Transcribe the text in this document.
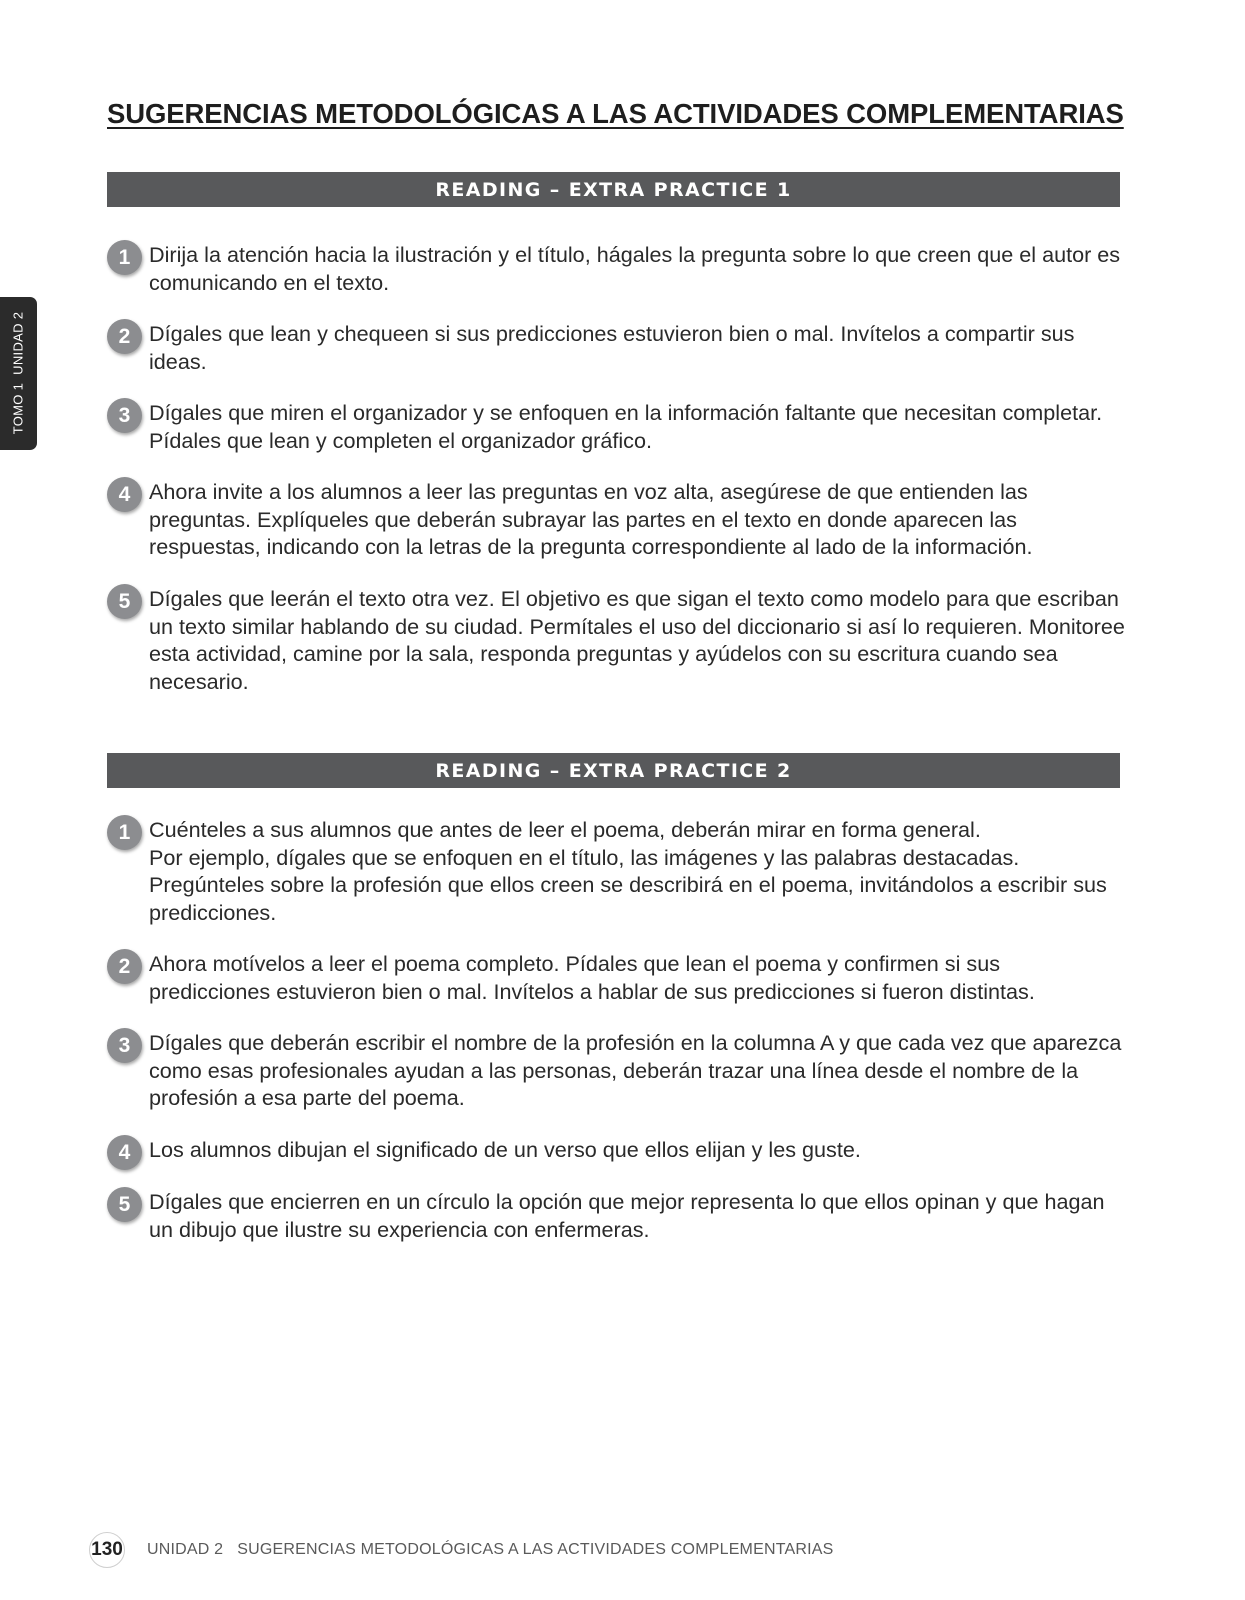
SUGERENCIAS METODOLÓGICAS A LAS ACTIVIDADES COMPLEMENTARIAS
TOMO 1UNIDAD 2
READING – EXTRA PRACTICE 1
1 Dirija la atención hacia la ilustración y el título, hágales la pregunta sobre lo que creen que el autor es comunicando en el texto.
2 Dígales que lean y chequeen si sus predicciones estuvieron bien o mal. Invítelos a compartir sus ideas.
3 Dígales que miren el organizador y se enfoquen en la información faltante que necesitan completar. Pídales que lean y completen el organizador gráfico.
4 Ahora invite a los alumnos a leer las preguntas en voz alta, asegúrese de que entienden las preguntas. Explíqueles que deberán subrayar las partes en el texto en donde aparecen las respuestas, indicando con la letras de la pregunta correspondiente al lado de la información.
5 Dígales que leerán el texto otra vez. El objetivo es que sigan el texto como modelo para que escriban un texto similar hablando de su ciudad. Permítales el uso del diccionario si así lo requieren. Monitoree esta actividad, camine por la sala, responda preguntas y ayúdelos con su escritura cuando sea necesario.
READING – EXTRA PRACTICE 2
1 Cuénteles a sus alumnos que antes de leer el poema, deberán mirar en forma general.
Por ejemplo, dígales que se enfoquen en el título, las imágenes y las palabras destacadas. Pregúnteles sobre la profesión que ellos creen se describirá en el poema, invitándolos a escribir sus predicciones.
2 Ahora motívelos a leer el poema completo. Pídales que lean el poema y confirmen si sus predicciones estuvieron bien o mal. Invítelos a hablar de sus predicciones si fueron distintas.
3 Dígales que deberán escribir el nombre de la profesión en la columna A y que cada vez que aparezca como esas profesionales ayudan a las personas, deberán trazar una línea desde el nombre de la profesión a esa parte del poema.
4 Los alumnos dibujan el significado de un verso que ellos elijan y les guste.
5 Dígales que encierren en un círculo la opción que mejor representa lo que ellos opinan y que hagan un dibujo que ilustre su experiencia con enfermeras.
130 UNIDAD 2 SUGERENCIAS METODOLÓGICAS A LAS ACTIVIDADES COMPLEMENTARIAS
